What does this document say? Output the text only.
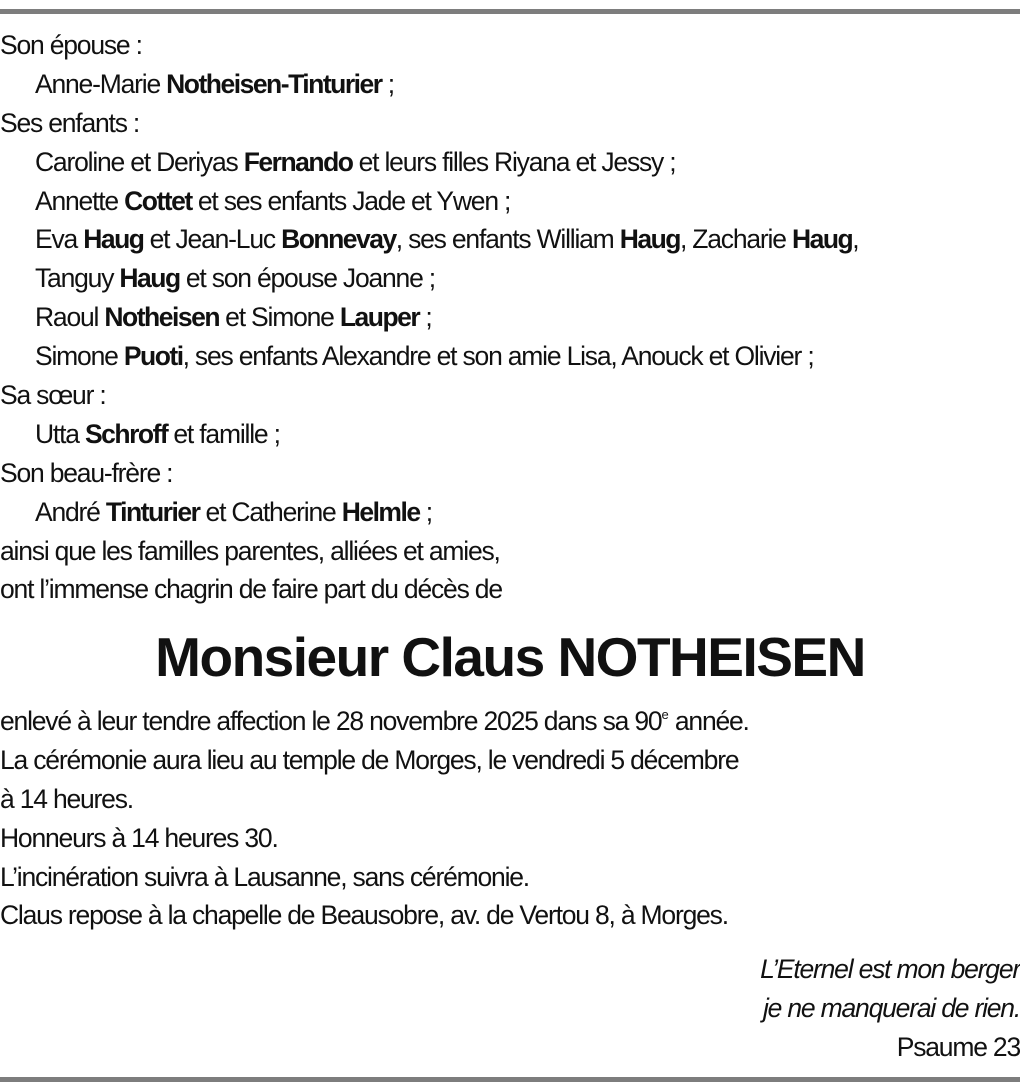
Son épouse :
Anne-Marie Notheisen-Tinturier ;
Ses enfants :
Caroline et Deriyas Fernando et leurs filles Riyana et Jessy ;
Annette Cottet et ses enfants Jade et Ywen ;
Eva Haug et Jean-Luc Bonnevay, ses enfants William Haug, Zacharie Haug,
Tanguy Haug et son épouse Joanne ;
Raoul Notheisen et Simone Lauper ;
Simone Puoti, ses enfants Alexandre et son amie Lisa, Anouck et Olivier ;
Sa sœur :
Utta Schroff et famille ;
Son beau-frère :
André Tinturier et Catherine Helmle ;
ainsi que les familles parentes, alliées et amies,
ont l’immense chagrin de faire part du décès de
Monsieur Claus NOTHEISEN
enlevé à leur tendre affection le 28 novembre 2025 dans sa 90e année.
La cérémonie aura lieu au temple de Morges, le vendredi 5 décembre
à 14 heures.
Honneurs à 14 heures 30.
L’incinération suivra à Lausanne, sans cérémonie.
Claus repose à la chapelle de Beausobre, av. de Vertou 8, à Morges.
L’Eternel est mon berger
je ne manquerai de rien.
Psaume 23
